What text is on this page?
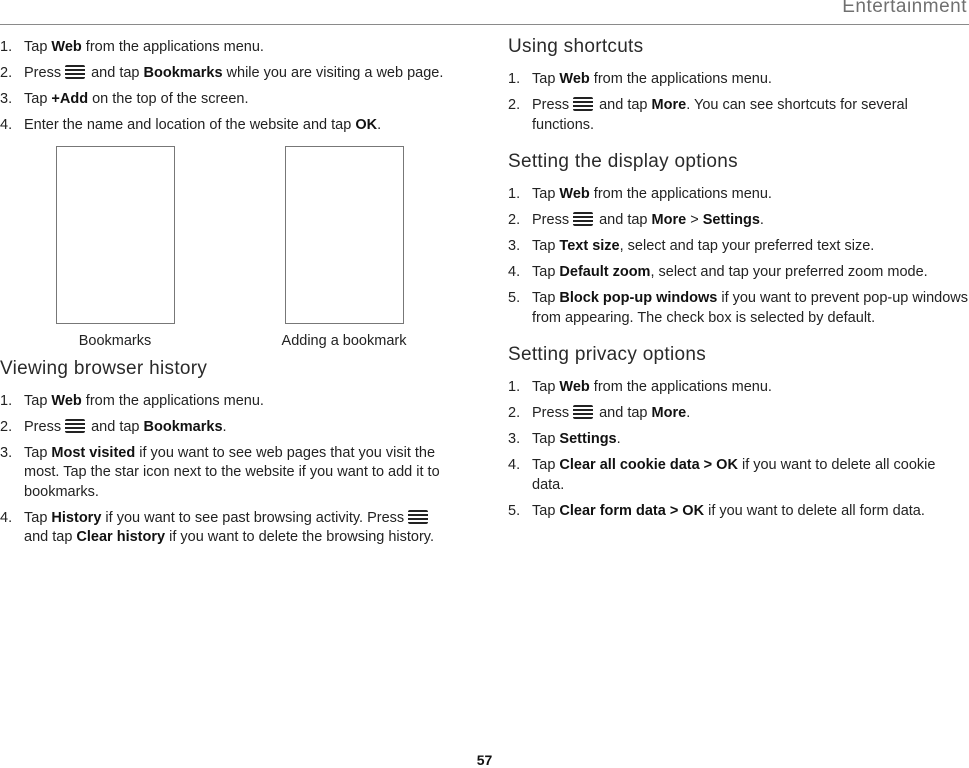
Entertainment
1. Tap Web from the applications menu.
2. Press  and tap Bookmarks while you are visiting a web page.
3. Tap +Add on the top of the screen.
4. Enter the name and location of the website and tap OK.
Bookmarks	Adding a bookmark
Viewing browser history
1. Tap Web from the applications menu.
2. Press  and tap Bookmarks.
3. Tap Most visited if you want to see web pages that you visit the most. Tap the star icon next to the website if you want to add it to bookmarks.
4. Tap History if you want to see past browsing activity. Press  and tap Clear history if you want to delete the browsing history.
Using shortcuts
1. Tap Web from the applications menu.
2. Press  and tap More. You can see shortcuts for several functions.
Setting the display options
1. Tap Web from the applications menu.
2. Press  and tap More > Settings.
3. Tap Text size, select and tap your preferred text size.
4. Tap Default zoom, select and tap your preferred zoom mode.
5. Tap Block pop-up windows if you want to prevent pop-up windows from appearing. The check box is selected by default.
Setting privacy options
1. Tap Web from the applications menu.
2. Press  and tap More.
3. Tap Settings.
4. Tap Clear all cookie data > OK if you want to delete all cookie data.
5. Tap Clear form data > OK if you want to delete all form data.
57
